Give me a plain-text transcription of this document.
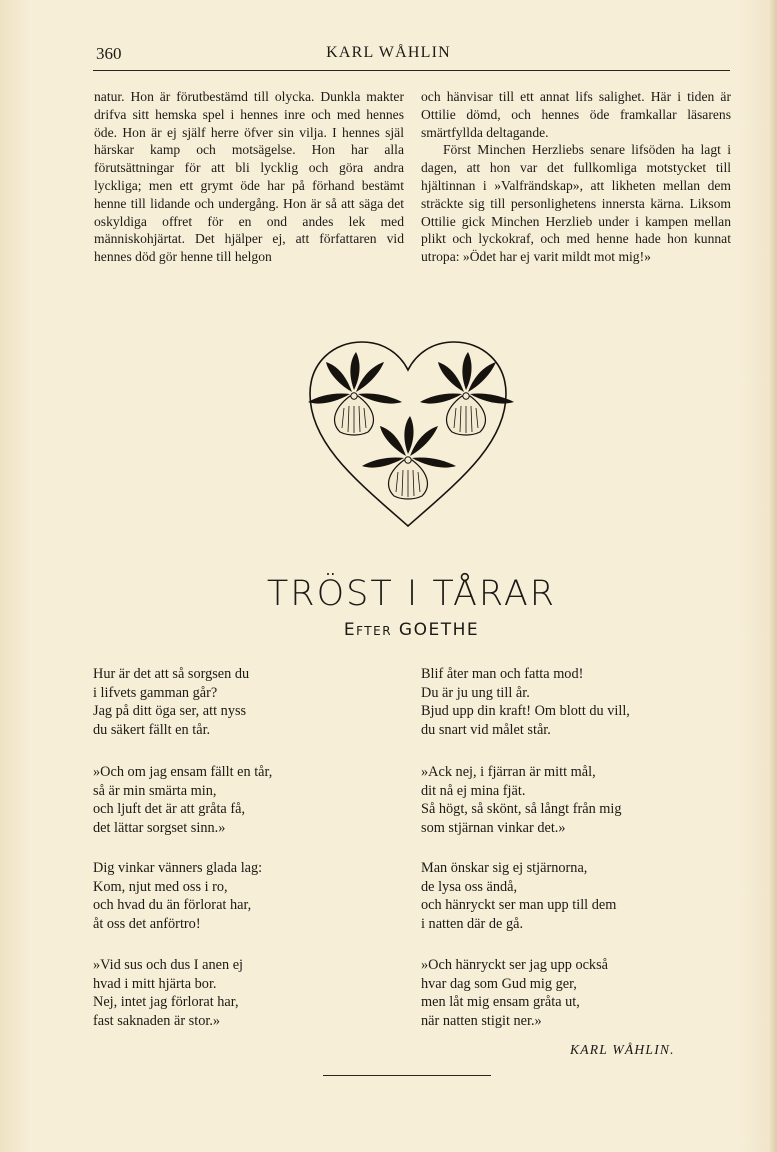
360	KARL WÅHLIN

natur. Hon är förutbestämd till olycka. Dunkla makter drifva sitt hemska spel i hennes inre och med hennes öde. Hon är ej själf herre öfver sin vilja. I hennes själ härskar kamp och motsägelse. Hon har alla förutsättningar för att bli lycklig och göra andra lyckliga; men ett grymt öde har på förhand bestämt henne till lidande och undergång. Hon är så att säga det oskyldiga offret för en ond andes lek med människohjärtat. Det hjälper ej, att författaren vid hennes död gör henne till helgon

och hänvisar till ett annat lifs salighet. Här i tiden är Ottilie dömd, och hennes öde framkallar läsarens smärtfyllda deltagande.

Först Minchen Herzliebs senare lifsöden ha lagt i dagen, att hon var det fullkomliga motstycket till hjältinnan i »Valfrändskap», att likheten mellan dem sträckte sig till personlighetens innersta kärna. Liksom Ottilie gick Minchen Herzlieb under i kampen mellan plikt och lyckokraf, och med henne hade hon kunnat utropa: »Ödet har ej varit mildt mot mig!»

TRÖST I TÅRAR
Efter GOETHE
Hur är det att så sorgsen du
i lifvets gamman går?
Jag på ditt öga ser, att nyss
du säkert fällt en tår.
»Och om jag ensam fällt en tår,
så är min smärta min,
och ljuft det är att gråta få,
det lättar sorgset sinn.»
Dig vinkar vänners glada lag:
Kom, njut med oss i ro,
och hvad du än förlorat har,
åt oss det anförtro!
»Vid sus och dus I anen ej
hvad i mitt hjärta bor.
Nej, intet jag förlorat har,
fast saknaden är stor.»
Blif åter man och fatta mod!
Du är ju ung till år.
Bjud upp din kraft! Om blott du vill,
du snart vid målet står.
»Ack nej, i fjärran är mitt mål,
dit nå ej mina fjät.
Så högt, så skönt, så långt från mig
som stjärnan vinkar det.»
Man önskar sig ej stjärnorna,
de lysa oss ändå,
och hänryckt ser man upp till dem
i natten där de gå.
»Och hänryckt ser jag upp också
hvar dag som Gud mig ger,
men låt mig ensam gråta ut,
när natten stigit ner.»
KARL WÅHLIN.
